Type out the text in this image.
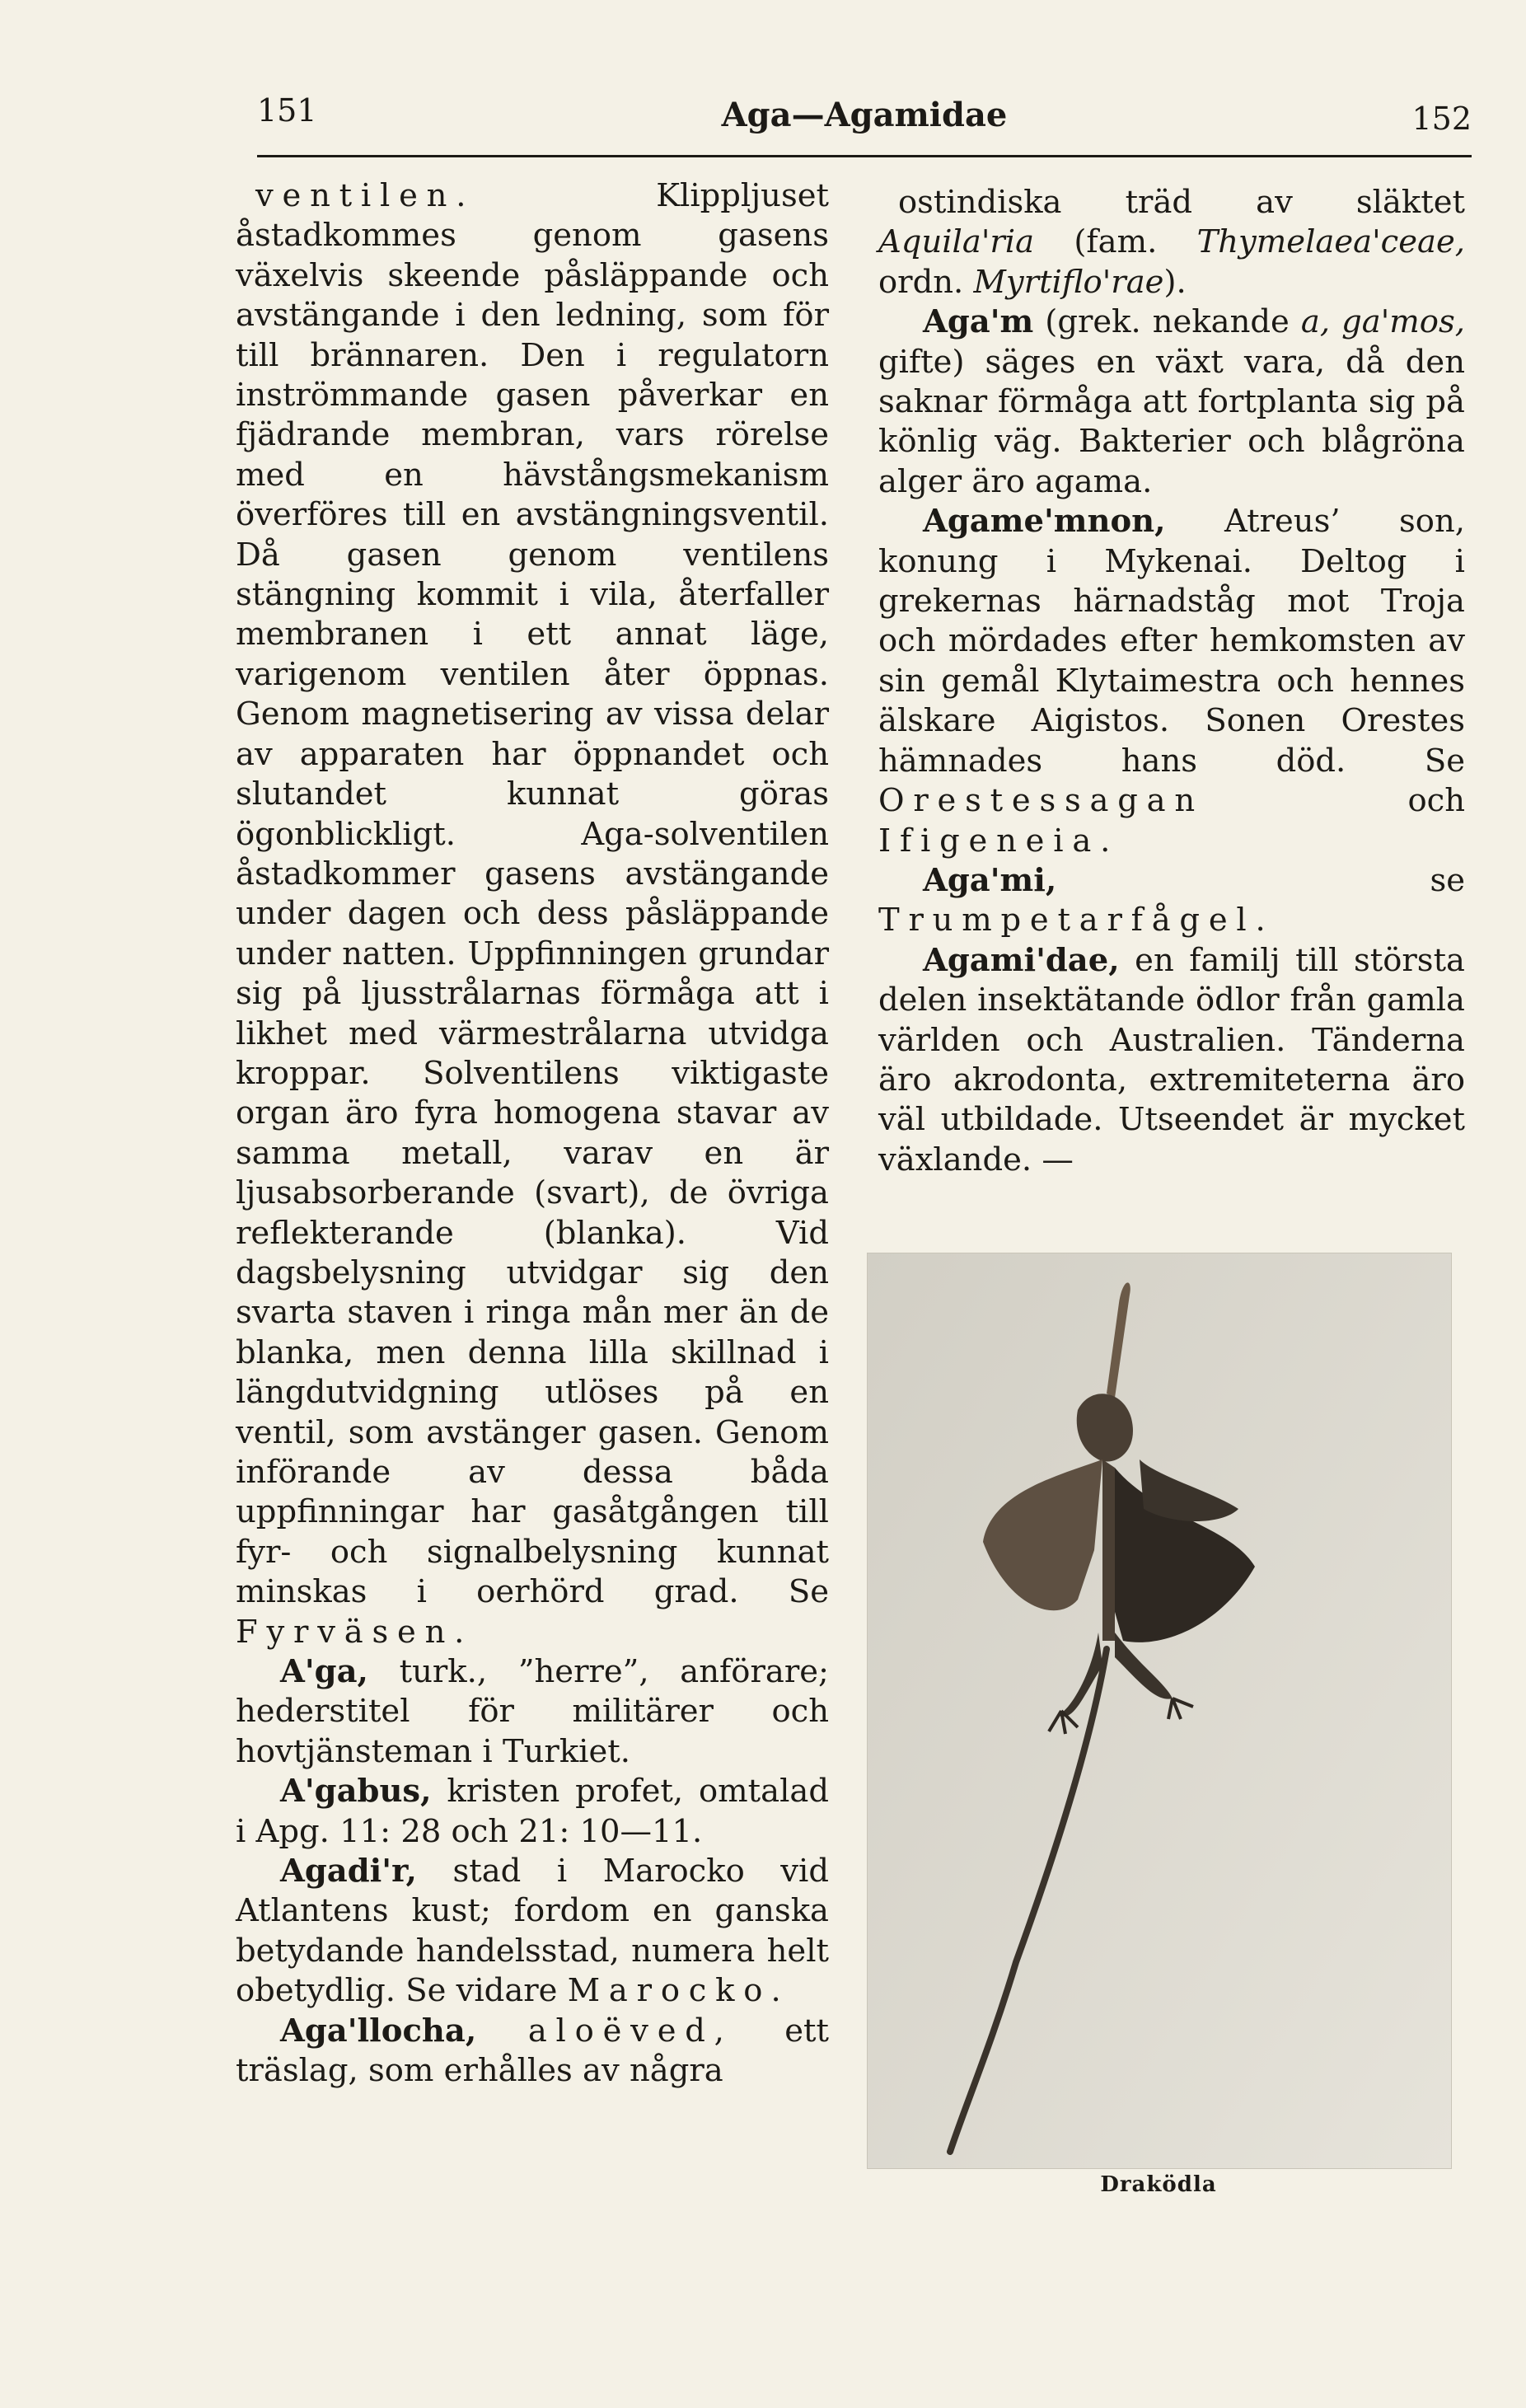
151	Aga—Agamidae	152

ventilen. Klippljuset åstadkommes genom gasens växelvis skeende påsläppande och avstängande i den ledning, som för till brännaren. Den i regulatorn inströmmande gasen påverkar en fjädrande membran, vars rörelse med en hävstångsmekanism överföres till en avstängningsventil. Då gasen genom ventilens stängning kommit i vila, återfaller membranen i ett annat läge, varigenom ventilen åter öppnas. Genom magnetisering av vissa delar av apparaten har öppnandet och slutandet kunnat göras ögonblickligt. Aga-solventilen åstadkommer gasens avstängande under dagen och dess påsläppande under natten. Uppfinningen grundar sig på ljusstrålarnas förmåga att i likhet med värmestrålarna utvidga kroppar. Solventilens viktigaste organ äro fyra homogena stavar av samma metall, varav en är ljusabsorberande (svart), de övriga reflekterande (blanka). Vid dagsbelysning utvidgar sig den svarta staven i ringa mån mer än de blanka, men denna lilla skillnad i längdutvidgning utlöses på en ventil, som avstänger gasen. Genom införande av dessa båda uppfinningar har gasåtgången till fyr- och signalbelysning kunnat minskas i oerhörd grad. Se Fyrväsen.

A'ga, turk., ”herre”, anförare; hederstitel för militärer och hovtjänsteman i Turkiet.

A'gabus, kristen profet, omtalad i Apg. 11: 28 och 21: 10—11.

Agadi'r, stad i Marocko vid Atlantens kust; fordom en ganska betydande handelsstad, numera helt obetydlig. Se vidare Marocko.

Aga'llocha, aloëved, ett träslag, som erhålles av några

ostindiska träd av släktet Aquila'ria (fam. Thymelaea'ceae, ordn. Myrtiflo'rae).

Aga'm (grek. nekande a, ga'mos, gifte) säges en växt vara, då den saknar förmåga att fortplanta sig på könlig väg. Bakterier och blågröna alger äro agama.

Agame'mnon, Atreus’ son, konung i Mykenai. Deltog i grekernas härnadståg mot Troja och mördades efter hemkomsten av sin gemål Klytaimestra och hennes älskare Aigistos. Sonen Orestes hämnades hans död. Se Orestessagan och Ifigeneia.

Aga'mi, se Trumpetarfågel.

Agami'dae, en familj till största delen insektätande ödlor från gamla världen och Australien. Tänderna äro akrodonta, extremiteterna äro väl utbildade. Utseendet är mycket växlande. —

Draködla
